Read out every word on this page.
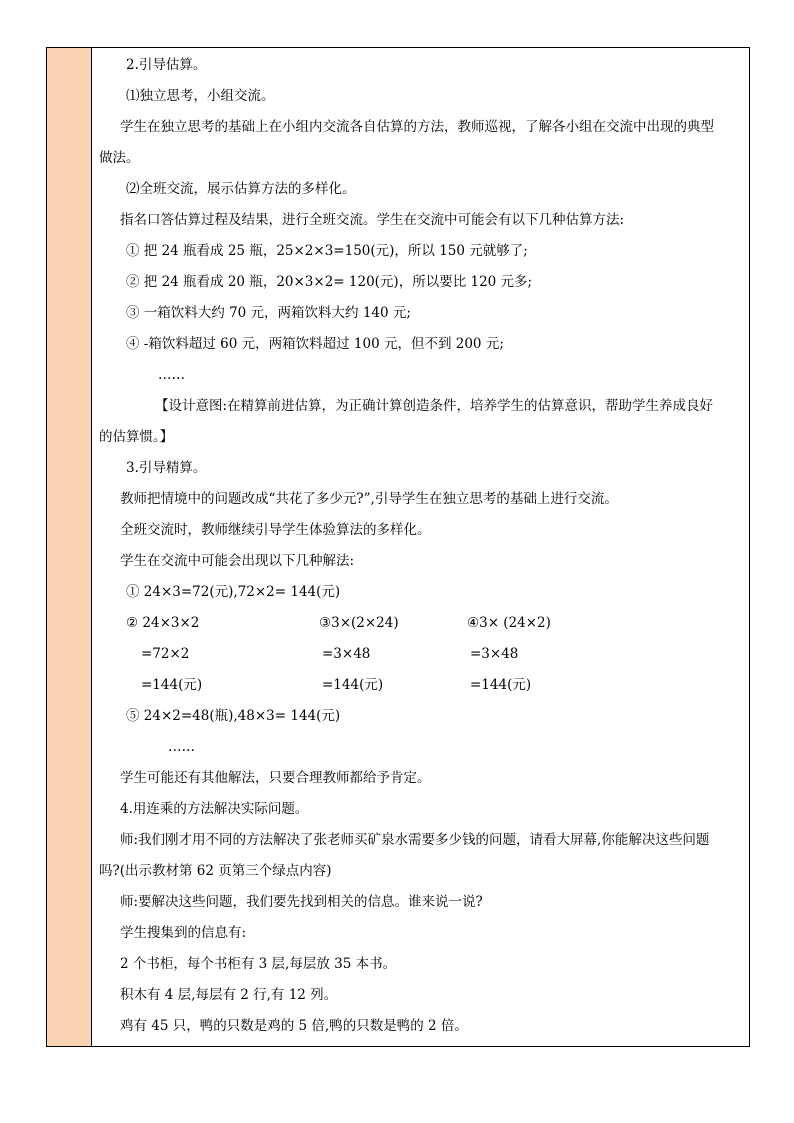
2.引导估算。
⑴独立思考，小组交流。
学生在独立思考的基础上在小组内交流各自估算的方法，教师巡视，了解各小组在交流中出现的典型
做法。
⑵全班交流，展示估算方法的多样化。
指名口答估算过程及结果，进行全班交流。学生在交流中可能会有以下几种估算方法:
① 把 24 瓶看成 25 瓶，25×2×3=150(元)，所以 150 元就够了;
② 把 24 瓶看成 20 瓶，20×3×2= 120(元)，所以要比 120 元多;
③ 一箱饮料大约 70 元，两箱饮料大约 140 元;
④ -箱饮料超过 60 元，两箱饮料超过 100 元，但不到 200 元;
……
【设计意图:在精算前进估算，为正确计算创造条件，培养学生的估算意识，帮助学生养成良好
的估算惯。】
3.引导精算。
教师把情境中的问题改成“共花了多少元?”,引导学生在独立思考的基础上进行交流。
全班交流时，教师继续引导学生体验算法的多样化。
学生在交流中可能会出现以下几种解法:
① 24×3=72(元),72×2= 144(元)
② 24×3×2	③3×(2×24)	④3× (24×2)
=72×2	=3×48	=3×48
=144(元)	=144(元)	=144(元)
⑤ 24×2=48(瓶),48×3= 144(元)
……
学生可能还有其他解法，只要合理教师都给予肯定。
4.用连乘的方法解决实际问题。
师:我们刚才用不同的方法解决了张老师买矿泉水需要多少钱的问题，请看大屏幕,你能解决这些问题
吗?(出示教材第 62 页第三个绿点内容)
师:要解决这些问题，我们要先找到相关的信息。谁来说一说?
学生搜集到的信息有:
2 个书柜，每个书柜有 3 层,每层放 35 本书。
积木有 4 层,每层有 2 行,有 12 列。
鸡有 45 只，鸭的只数是鸡的 5 倍,鸭的只数是鸭的 2 倍。
